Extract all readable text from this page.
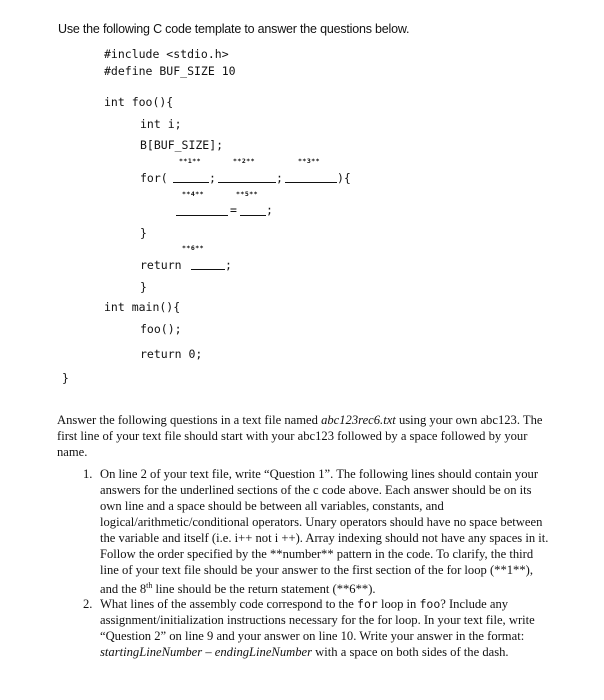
Use the following C code template to answer the questions below.
#include <stdio.h>
#define BUF_SIZE 10
int foo(){
int i;
B[BUF_SIZE];
**1**	**2**	**3**
for(	;	;	){
**4**	**5**
=	;
}
**6**
return	;
}
int main(){
foo();
return 0;
}

Answer the following questions in a text file named abc123rec6.txt using your own abc123. The

first line of your text file should start with your abc123 followed by a space followed by your

name.

1. On line 2 of your text file, write “Question 1”. The following lines should contain your
answers for the underlined sections of the c code above. Each answer should be on its
own line and a space should be between all variables, constants, and
logical/arithmetic/conditional operators. Unary operators should have no space between
the variable and itself (i.e. i++ not i ++). Array indexing should not have any spaces in it.
Follow the order specified by the **number** pattern in the code. To clarify, the third
line of your text file should be your answer to the first section of the for loop (**1**),
and the 8th line should be the return statement (**6**).
2. What lines of the assembly code correspond to the for loop in foo? Include any
assignment/initialization instructions necessary for the for loop. In your text file, write
“Question 2” on line 9 and your answer on line 10. Write your answer in the format:
startingLineNumber – endingLineNumber with a space on both sides of the dash.
